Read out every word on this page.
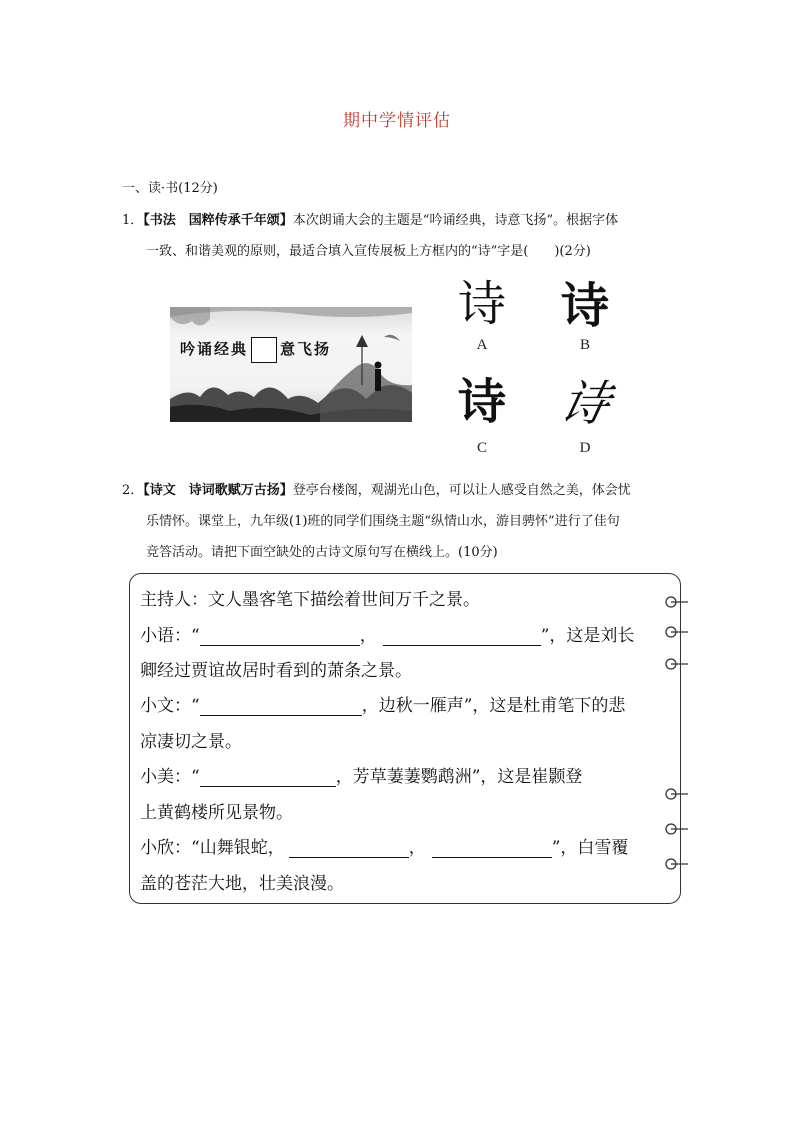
期中学情评估
一、读·书(12分)
1．【书法　国粹传承千年颂】本次朗诵大会的主题是“吟诵经典，诗意飞扬”。根据字体
一致、和谐美观的原则，最适合填入宣传展板上方框内的“诗”字是(　　)(2分)
吟诵经典 意飞扬
诗
A
诗
B
诗
C
诗
D
2．【诗文　诗词歌赋万古扬】登亭台楼阁，观湖光山色，可以让人感受自然之美，体会忧
乐情怀。课堂上，九年级(1)班的同学们围绕主题“纵情山水，游目骋怀”进行了佳句
竞答活动。请把下面空缺处的古诗文原句写在横线上。(10分)
主持人：文人墨客笔下描绘着世间万千之景。
小语：“	，	”，这是刘长
卿经过贾谊故居时看到的萧条之景。
小文：“	，边秋一雁声”，这是杜甫笔下的悲
凉凄切之景。
小美：“	，芳草萋萋鹦鹉洲”，这是崔颢登
上黄鹤楼所见景物。
小欣：“山舞银蛇，	，	”，白雪覆
盖的苍茫大地，壮美浪漫。
